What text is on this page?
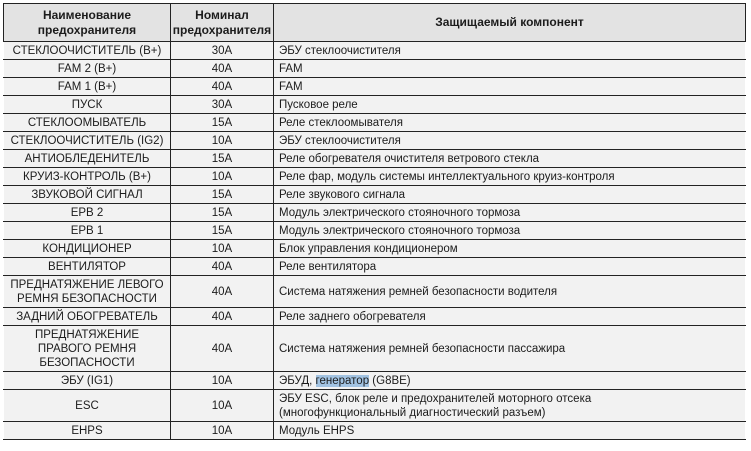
Наименование предохранителя	Номинал предохранителя	Защищаемый компонент
СТЕКЛООЧИСТИТЕЛЬ (B+)	30A	ЭБУ стеклоочистителя
FAM 2 (B+)	40A	FAM
FAM 1 (B+)	40A	FAM
ПУСК	30A	Пусковое реле
СТЕКЛООМЫВАТЕЛЬ	15A	Реле стеклоомывателя
СТЕКЛООЧИСТИТЕЛЬ (IG2)	10A	ЭБУ стеклоочистителя
АНТИОБЛЕДЕНИТЕЛЬ	15A	Реле обогревателя очистителя ветрового стекла
КРУИЗ-КОНТРОЛЬ (B+)	10A	Реле фар, модуль системы интеллектуального круиз-контроля
ЗВУКОВОЙ СИГНАЛ	15A	Реле звукового сигнала
EPB 2	15A	Модуль электрического стояночного тормоза
EPB 1	15A	Модуль электрического стояночного тормоза
КОНДИЦИОНЕР	10A	Блок управления кондиционером
ВЕНТИЛЯТОР	40A	Реле вентилятора
ПРЕДНАТЯЖЕНИЕ ЛЕВОГО РЕМНЯ БЕЗОПАСНОСТИ	40A	Система натяжения ремней безопасности водителя
ЗАДНИЙ ОБОГРЕВАТЕЛЬ	40A	Реле заднего обогревателя
ПРЕДНАТЯЖЕНИЕ ПРАВОГО РЕМНЯ БЕЗОПАСНОСТИ	40A	Система натяжения ремней безопасности пассажира
ЭБУ (IG1)	10A	ЭБУД, генератор (G8BE)
ESC	10A	ЭБУ ESC, блок реле и предохранителей моторного отсека
(многофункциональный диагностический разъем)
EHPS	10A	Модуль EHPS
